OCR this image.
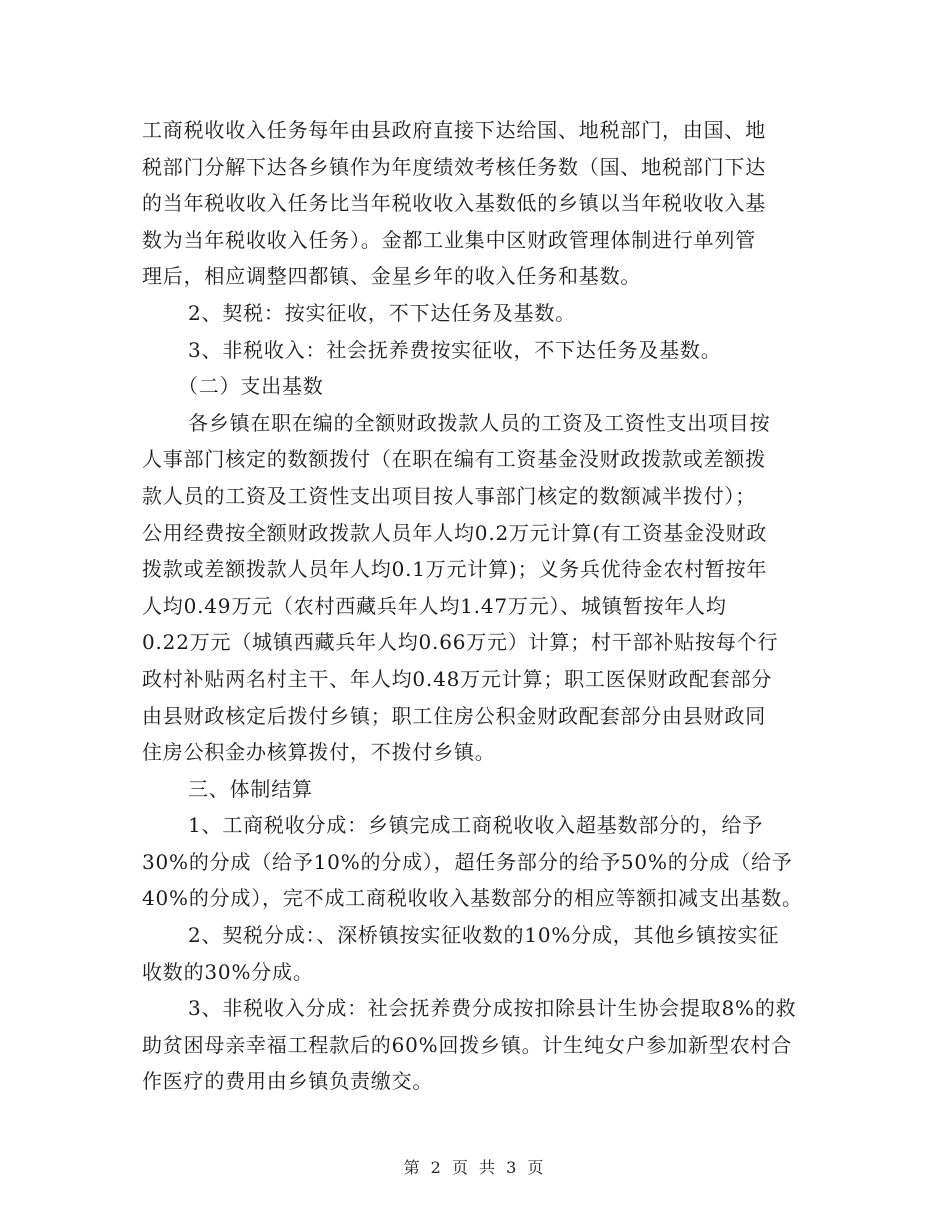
工商税收收入任务每年由县政府直接下达给国、地税部门，由国、地
税部门分解下达各乡镇作为年度绩效考核任务数（国、地税部门下达
的当年税收收入任务比当年税收收入基数低的乡镇以当年税收收入基
数为当年税收收入任务）。金都工业集中区财政管理体制进行单列管
理后，相应调整四都镇、金星乡年的收入任务和基数。
2、契税：按实征收，不下达任务及基数。
3、非税收入：社会抚养费按实征收，不下达任务及基数。
（二）支出基数
各乡镇在职在编的全额财政拨款人员的工资及工资性支出项目按
人事部门核定的数额拨付（在职在编有工资基金没财政拨款或差额拨
款人员的工资及工资性支出项目按人事部门核定的数额减半拨付）；
公用经费按全额财政拨款人员年人均0.2万元计算(有工资基金没财政
拨款或差额拨款人员年人均0.1万元计算)；义务兵优待金农村暂按年
人均0.49万元（农村西藏兵年人均1.47万元）、城镇暂按年人均
0.22万元（城镇西藏兵年人均0.66万元）计算；村干部补贴按每个行
政村补贴两名村主干、年人均0.48万元计算；职工医保财政配套部分
由县财政核定后拨付乡镇；职工住房公积金财政配套部分由县财政同
住房公积金办核算拨付，不拨付乡镇。
三、体制结算
1、工商税收分成：乡镇完成工商税收收入超基数部分的，给予
30%的分成（给予10%的分成），超任务部分的给予50%的分成（给予
40%的分成），完不成工商税收收入基数部分的相应等额扣减支出基数。
2、契税分成：、深桥镇按实征收数的10%分成，其他乡镇按实征
收数的30%分成。
3、非税收入分成：社会抚养费分成按扣除县计生协会提取8%的救
助贫困母亲幸福工程款后的60%回拨乡镇。计生纯女户参加新型农村合
作医疗的费用由乡镇负责缴交。
第 2 页 共 3 页
